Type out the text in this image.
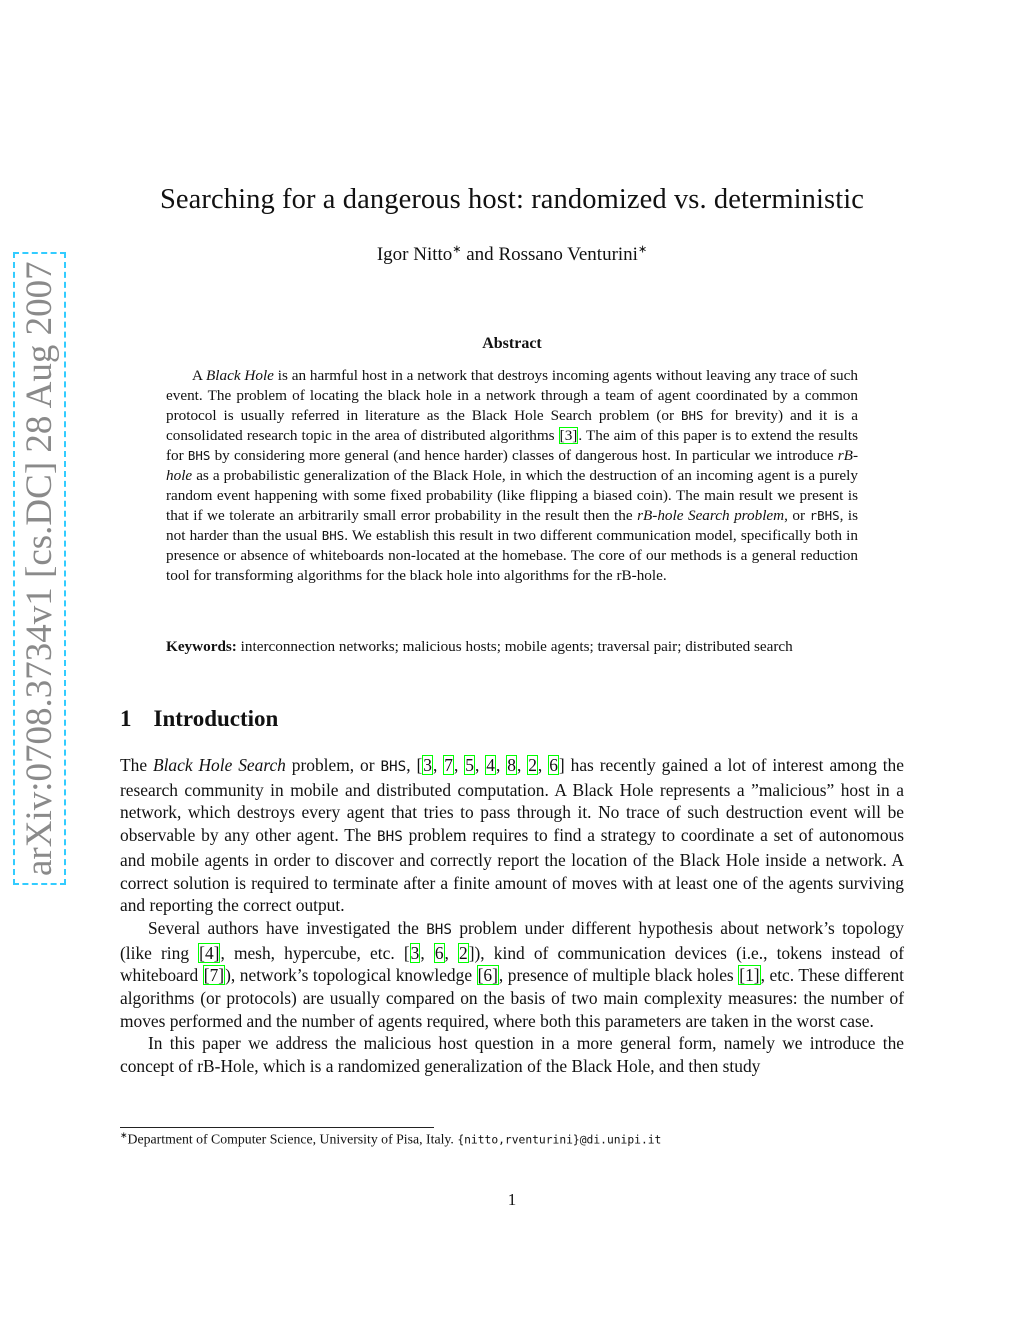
arXiv:0708.3734v1 [cs.DC] 28 Aug 2007
Searching for a dangerous host: randomized vs. deterministic
Igor Nitto∗ and Rossano Venturini∗
Abstract

A Black Hole is an harmful host in a network that destroys incoming agents without leaving any trace of such event. The problem of locating the black hole in a network through a team of agent coordinated by a common protocol is usually referred in literature as the Black Hole Search problem (or BHS for brevity) and it is a consolidated research topic in the area of distributed algorithms [3]. The aim of this paper is to extend the results for BHS by considering more general (and hence harder) classes of dangerous host. In particular we introduce rB-hole as a probabilistic generalization of the Black Hole, in which the destruction of an incoming agent is a purely random event happening with some fixed probability (like flipping a biased coin). The main result we present is that if we tolerate an arbitrarily small error probability in the result then the rB-hole Search problem, or rBHS, is not harder than the usual BHS. We establish this result in two different communication model, specifically both in presence or absence of whiteboards non-located at the homebase. The core of our methods is a general reduction tool for transforming algorithms for the black hole into algorithms for the rB-hole.

Keywords: interconnection networks; malicious hosts; mobile agents; traversal pair; distributed search
1 Introduction

The Black Hole Search problem, or BHS, [3, 7, 5, 4, 8, 2, 6] has recently gained a lot of interest among the research community in mobile and distributed computation. A Black Hole represents a ”malicious” host in a network, which destroys every agent that tries to pass through it. No trace of such destruction event will be observable by any other agent. The BHS problem requires to find a strategy to coordinate a set of autonomous and mobile agents in order to discover and correctly report the location of the Black Hole inside a network. A correct solution is required to terminate after a finite amount of moves with at least one of the agents surviving and reporting the correct output.

Several authors have investigated the BHS problem under different hypothesis about network’s topology (like ring [4], mesh, hypercube, etc. [3, 6, 2]), kind of communication devices (i.e., tokens instead of whiteboard [7]), network’s topological knowledge [6], presence of multiple black holes [1], etc. These different algorithms (or protocols) are usually compared on the basis of two main complexity measures: the number of moves performed and the number of agents required, where both this parameters are taken in the worst case.

In this paper we address the malicious host question in a more general form, namely we introduce the concept of rB-Hole, which is a randomized generalization of the Black Hole, and then study

∗Department of Computer Science, University of Pisa, Italy. {nitto,rventurini}@di.unipi.it
1
